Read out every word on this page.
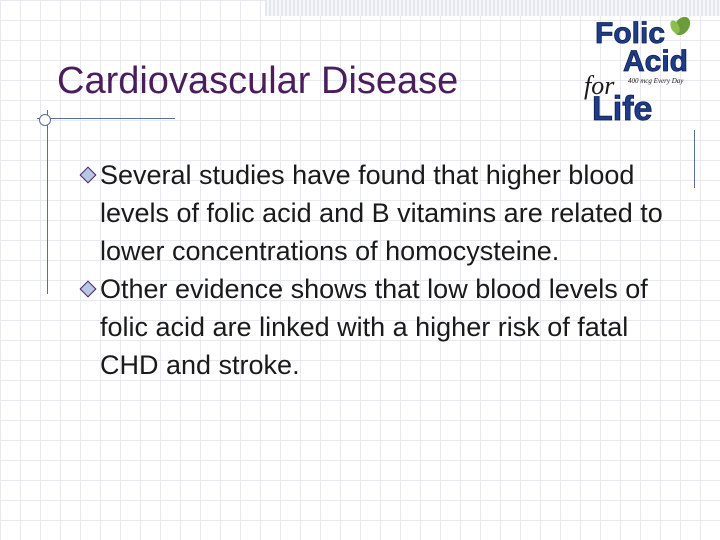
Cardiovascular Disease
Folic
Acid
for 400 mcg Every Day
Life
Several studies have found that higher blood levels of folic acid and B vitamins are related to lower concentrations of homocysteine.
Other evidence shows that low blood levels of folic acid are linked with a higher risk of fatal CHD and stroke.
